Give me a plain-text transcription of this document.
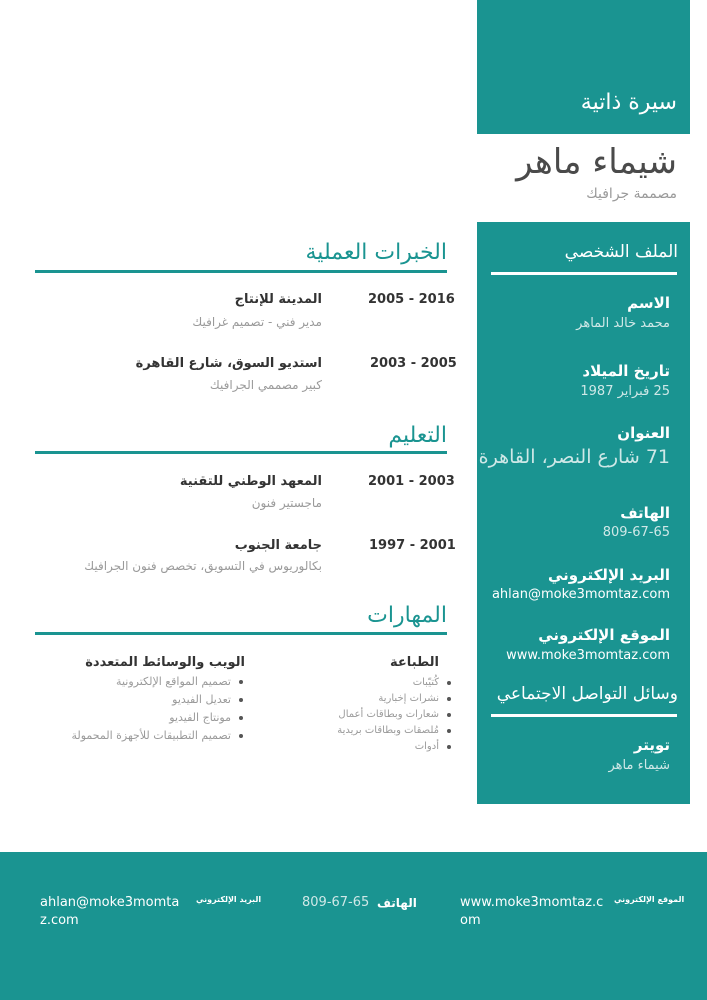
سيرة ذاتية
شيماء ماهر
مصممة جرافيك
الملف الشخصي
الاسم
محمد خالد الماهر
تاريخ الميلاد
25 فبراير 1987
العنوان
71 شارع النصر، القاهرة
الهاتف
809-67-65
البريد الإلكتروني
ahlan@moke3momtaz.com
الموقع الإلكتروني
www.moke3momtaz.com
وسائل التواصل الاجتماعي
تويتر
شيماء ماهر
الخبرات العملية
2005 - 2016
المدينة للإنتاج
مدير فني - تصميم غرافيك
2003 - 2005
استديو السوق، شارع القاهرة
كبير مصممي الجرافيك
التعليم
2001 - 2003
المعهد الوطني للتقنية
ماجستير فنون
1997 - 2001
جامعة الجنوب
بكالوريوس في التسويق، تخصص فنون الجرافيك
المهارات
الطباعة
كُتيّبات
نشرات إخبارية
شعارات وبطاقات أعمال
مُلصقات وبطاقات بريدية
أدوات
الويب والوسائط المتعددة
تصميم المواقع الإلكترونية
تعديل الفيديو
مونتاج الفيديو
تصميم التطبيقات للأجهزة المحمولة
الموقع الإلكتروني
www.moke3momtaz.com
الهاتف
809-67-65
البريد الإلكتروني
ahlan@moke3momtaz.com
